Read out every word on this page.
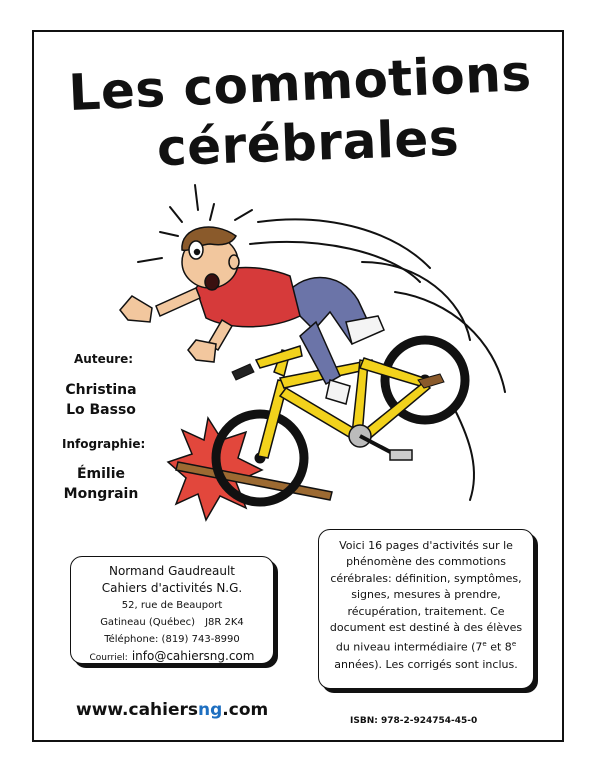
Les commotions
cérébrales
Auteure:
Christina
Lo Basso
Infographie:
Émilie
Mongrain
Normand Gaudreault
Cahiers d'activités N.G.
52, rue de Beauport
Gatineau (Québec) J8R 2K4
Téléphone: (819) 743-8990
Courriel: info@cahiersng.com

Voici 16 pages d'activités sur le phénomène des commotions cérébrales: définition, symptômes, signes, mesures à prendre, récupération, traitement. Ce document est destiné à des élèves du niveau intermédiaire (7e et 8e années). Les corrigés sont inclus.

www.cahiersng.com
ISBN: 978-2-924754-45-0
